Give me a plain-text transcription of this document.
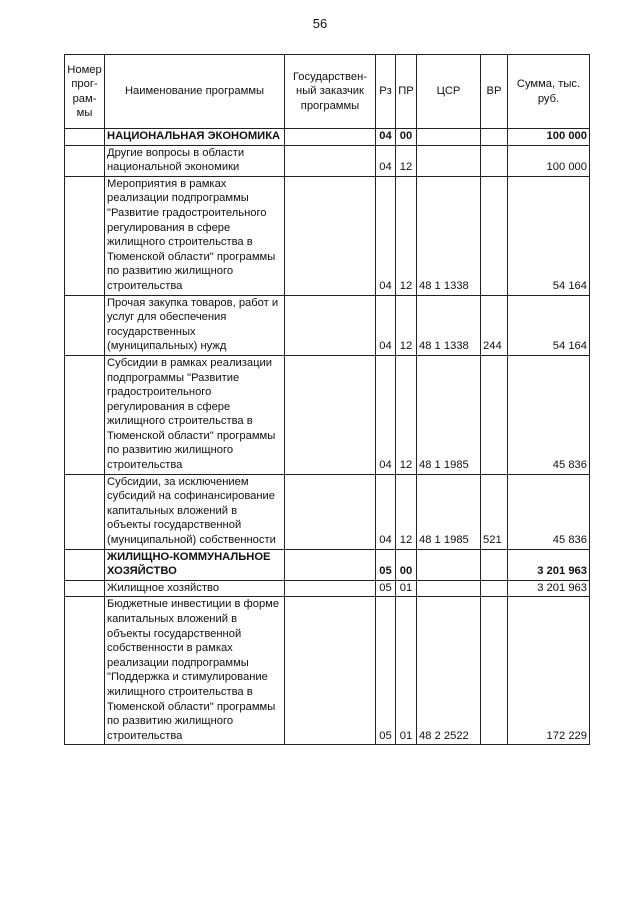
56
Номер прог- рам- мы	Наименование программы	Государствен- ный заказчик программы	Рз	ПР	ЦСР	ВР	Сумма, тыс. руб.
	НАЦИОНАЛЬНАЯ ЭКОНОМИКА		04	00			100 000
	Другие вопросы в области национальной экономики		04	12			100 000
	Мероприятия в рамках реализации подпрограммы "Развитие градостроительного регулирования в сфере жилищного строительства в Тюменской области" программы по развитию жилищного строительства		04	12	48 1 1338		54 164
	Прочая закупка товаров, работ и услуг для обеспечения государственных (муниципальных) нужд		04	12	48 1 1338	244	54 164
	Субсидии в рамках реализации подпрограммы "Развитие градостроительного регулирования в сфере жилищного строительства в Тюменской области" программы по развитию жилищного строительства		04	12	48 1 1985		45 836
	Субсидии, за исключением субсидий на софинансирование капитальных вложений в объекты государственной (муниципальной) собственности		04	12	48 1 1985	521	45 836
	ЖИЛИЩНО-КОММУНАЛЬНОЕ ХОЗЯЙСТВО		05	00			3 201 963
	Жилищное хозяйство		05	01			3 201 963
	Бюджетные инвестиции в форме капитальных вложений в объекты государственной собственности в рамках реализации подпрограммы "Поддержка и стимулирование жилищного строительства в Тюменской области" программы по развитию жилищного строительства		05	01	48 2 2522		172 229
